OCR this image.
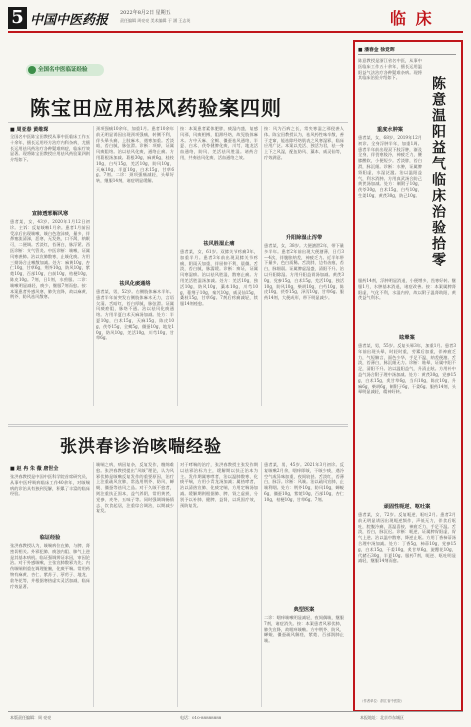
5 中国中医药报 2022年8月2日 星期五
责任编辑 周亮亮 美术编辑 于 涵 王志英	临 床
全国名中医临证经验
陈宝田应用祛风药验案四则
■ 周亚春 黄维琛
全国名中医陈宝田教授从事中医临床工作五十余年，擅长运用经方治疗内科杂病，尤擅长运用祛风药治疗各种疑难病症，临床疗效显著。现将陈宝田教授应用祛风药验案四则介绍如下。
宣肺透邪解风寒
患者某，女，43岁。2020年1月12日初诊。主诉：反复咳嗽1月余。患者1月前因受凉后出现咳嗽，咳白色泡沫痰，量多，伴鼻塞流清涕，恶寒，无发热，口不渴，纳眠可，二便调。舌淡红，苔薄白，脉浮紧。西医诊断：支气管炎。中医诊断：咳嗽，证属风寒袭肺。治以宣肺散寒，止咳化痰。方用三拗汤合止嗽散加减。处方：麻黄10g，杏仁10g，甘草6g，荆芥10g，防风10g，紫菀10g，百部10g，白前10g，桔梗10g，陈皮10g。7剂，日1剂，水煎服。二诊：咳嗽明显减轻，痰少，继服7剂而愈。按：本案患者外感风寒，肺失宣降，故以麻黄、荆芥、防风祛风散寒。
颈项强痛10余年，加重1月。患者10余年前无明显诱因出现颈项强痛，转侧不利，伴头晕头痛，上肢麻木，遇寒加重。舌淡暗，苔白腻，脉弦滑。诊断：项痹，证属风痰阻络。治以祛风化痰，通络止痛。方用葛根汤加减。葛根30g，麻黄6g，桂枝10g，白芍15g，羌活10g，防风10g，天麻10g，半夏10g，白术15g，甘草6g。7剂。二诊：颈项强痛减轻，头晕好转，继服14剂，诸症明显缓解。
祛风化痰通络
患者某，男，52岁。右侧肢体麻木半年。患者半年前突发右侧肢体麻木无力，言语欠清。舌暗红，苔白厚腻，脉弦滑。证属风痰瘀阻，脉络不通。治以祛风化痰通络。方用半夏白术天麻汤加减。处方：半夏10g，白术15g，天麻15g，陈皮10g，茯苓15g，全蝎5g，僵蚕10g，地龙10g，防风10g，羌活10g，川芎10g，甘草6g。
按：本案患者素体肥胖，痰湿内盛，复感风邪，风痰相搏，阻滞经络，故见肢体麻木。方中天麻、全蝎、僵蚕祛风通络，半夏、白术、茯苓健脾化痰，川芎、地龙活血通络，防风、羌活祛风胜湿。诸药合用，共奏祛风化痰、活血通络之效。
祛风胜湿止痛
患者某，女，61岁。双膝关节疼痛3年，加重半月。患者3年前出现双膝关节疼痛，阴雨天加重，伴屈伸不利，晨僵。舌淡，苔白腻，脉濡缓。诊断：痹证，证属风寒湿痹。治以祛风胜湿，散寒止痛。方用羌活胜湿汤加减。处方：羌活10g，独活10g，防风10g，藁本10g，川芎10g，蔓荆子10g，秦艽10g，威灵仙15g，桑枝15g，甘草6g。7剂后疼痛减轻，续服14剂痊愈。
按：风为百病之长，常夹寒湿之邪侵袭人体。陈宝田教授认为，祛风药性味辛散，善于走窜，能祛除经络肌表之风寒湿邪，临床应用广泛。本案以羌活、独活为君，祛一身上下之风湿，配伍防风、藁本、威灵仙等，疗效满意。
升阳除湿止泻带
患者某，女，38岁。大便溏泄2年，带下量多半年。患者2年前出现大便溏薄，日行3～4次，伴腹胀纳差，神疲乏力。近半年带下量多，色白质稀。舌淡胖，边有齿痕，苔白，脉细弱。证属脾虚湿盛，清阳不升。治以升阳除湿。方用升阳益胃汤加减。黄芪30g，党参15g，白术15g，羌活10g，独活10g，防风10g，柴胡10g，白芍10g，陈皮10g，茯苓15g，泽泻10g，甘草6g。服药14剂，大便成形，带下明显减少。
张洪春诊治咳喘经验
■ 赵 冉 朱 薇 唐世全
张洪春教授是中国中医科学院首席研究员，从事中医呼吸病临床工作40余年，对咳喘病的诊治具有独到见解，积累了丰富的临床经验。
临证经验
张洪春教授认为，咳喘病位在肺，与脾、肾密切相关。外邪犯肺、痰浊内阻、肺气上逆是其基本病机。临证强调辨证求因，审因论治。对于外感咳嗽，主张宣肺散邪为先；内伤咳喘则重在调理脏腑，化痰平喘。常用药物有麻黄、杏仁、紫苏子、葶苈子、地龙、款冬花等，并根据寒热虚实灵活加减，临床疗效显著。
咳喘之病，病因复杂，反复发作，缠绵难愈。张洪春教授提出“风咳”理论，认为风邪伏肺是咳嗽反复发作的重要原因，治疗上注重疏风宣肺，常选用荆芥、防风、蝉蜕、僵蚕等祛风之品。对于久咳不愈者，则注重扶正固本，益气养阴，常用黄芪、党参、麦冬、五味子等。同时强调调畅情志、饮食起居，注重综合调治，以期减少复发。
对于哮喘的治疗，张洪春教授主张发作期以祛邪治标为主，缓解期以扶正治本为主。发作期属寒哮者，治以温肺散寒、化痰平喘，方用小青龙汤加减；属热哮者，治以清热宣肺、化痰定喘，方用定喘汤加减。缓解期则根据肺、脾、肾之虚损，分别予以补肺、健脾、益肾，以巩固疗效，预防复发。
患者某，男，45岁。2021年3月初诊。反复咳嗽2月余，咽痒即咳，干咳少痰，遇冷空气或异味加重，夜间较甚。舌淡红，苔薄白，脉浮。诊断：风咳。治以疏风宣肺，止咳利咽。处方：荆芥10g，防风10g，蝉蜕6g，僵蚕10g，紫菀10g，百部10g，杏仁10g，桔梗10g，甘草6g。7剂。
典型医案
二诊：咽痒咳嗽明显减轻，夜间偶咳，继服7剂，诸症消失。按：本案患者风邪伏肺，肺失宣降，故咽痒咳嗽。方中荆芥、防风、蝉蜕、僵蚕疏风解痉，紫菀、百部润肺止咳。
■ 潘春金 徐竞晖
陈意温阳益气临床治验拾零
陈意教授是浙江省名中医，从事中医临床工作五十余年，擅长运用温阳益气法治疗各种疑难杂病。现将其临床治验介绍如下。
重度水肿案
患者某，女，68岁。2019年12月初诊。全身浮肿半年，加重1周。患者半年前出现双下肢浮肿，渐及全身，伴畏寒肢冷，神疲乏力，腰膝酸软，小便短少。舌淡胖，苔白滑，脉沉细。诊断：水肿，证属脾肾阳虚，水湿泛滥。治以温阳益气，利水消肿。方用真武汤合防己黄芪汤加减。处方：制附子10g，茯苓30g，白术15g，白芍10g，生姜10g，黄芪30g，防己10g。
服药14剂，浮肿明显消退，小便增多，畏寒好转。继服1月，水肿基本消退，诸症改善。按：本案属脾肾阳虚，气化不利，水湿内停，故以附子温肾助阳，黄芪益气利水。
眩晕案
患者某，男，55岁。反复头晕3年，加重1月。患者3年前出现头晕，时轻时重，劳累后加重，伴神疲乏力，气短懒言，面色少华，手足不温，纳差便溏。舌淡，苔薄白，脉沉细无力。诊断：眩晕，证属中阳不足，清阳不升。治以温阳益气，升清止眩。方用补中益气汤合附子理中汤加减。处方：黄芪30g，党参15g，白术15g，炙甘草6g，当归10g，陈皮10g，升麻6g，柴胡6g，制附子6g，干姜6g。服药14剂，头晕明显减轻，精神好转。
顽固性呃逆、呕吐案
患者某，女，72岁。反复呃逆、呕吐2月。患者2月前无明显诱因出现呃逆频作，声低无力，伴食后呕吐，脘腹冷痛，喜温喜按，神疲乏力，手足不温。舌淡，苔白，脉沉迟。诊断：呃逆，证属脾胃阳虚，胃气上逆。治以温中散寒，降逆止呕。方用丁香柿蒂汤合理中汤加减。处方：丁香5g，柿蒂10g，党参15g，白术15g，干姜10g，炙甘草6g，旋覆花10g，代赭石30g，半夏10g。服药7剂，呃逆、呕吐明显减轻，继服14剂而愈。
（作者单位：浙江省中医院）
本版责任编辑：周 亮亮	电话：010-88888888	本报地址：北京市东城区
